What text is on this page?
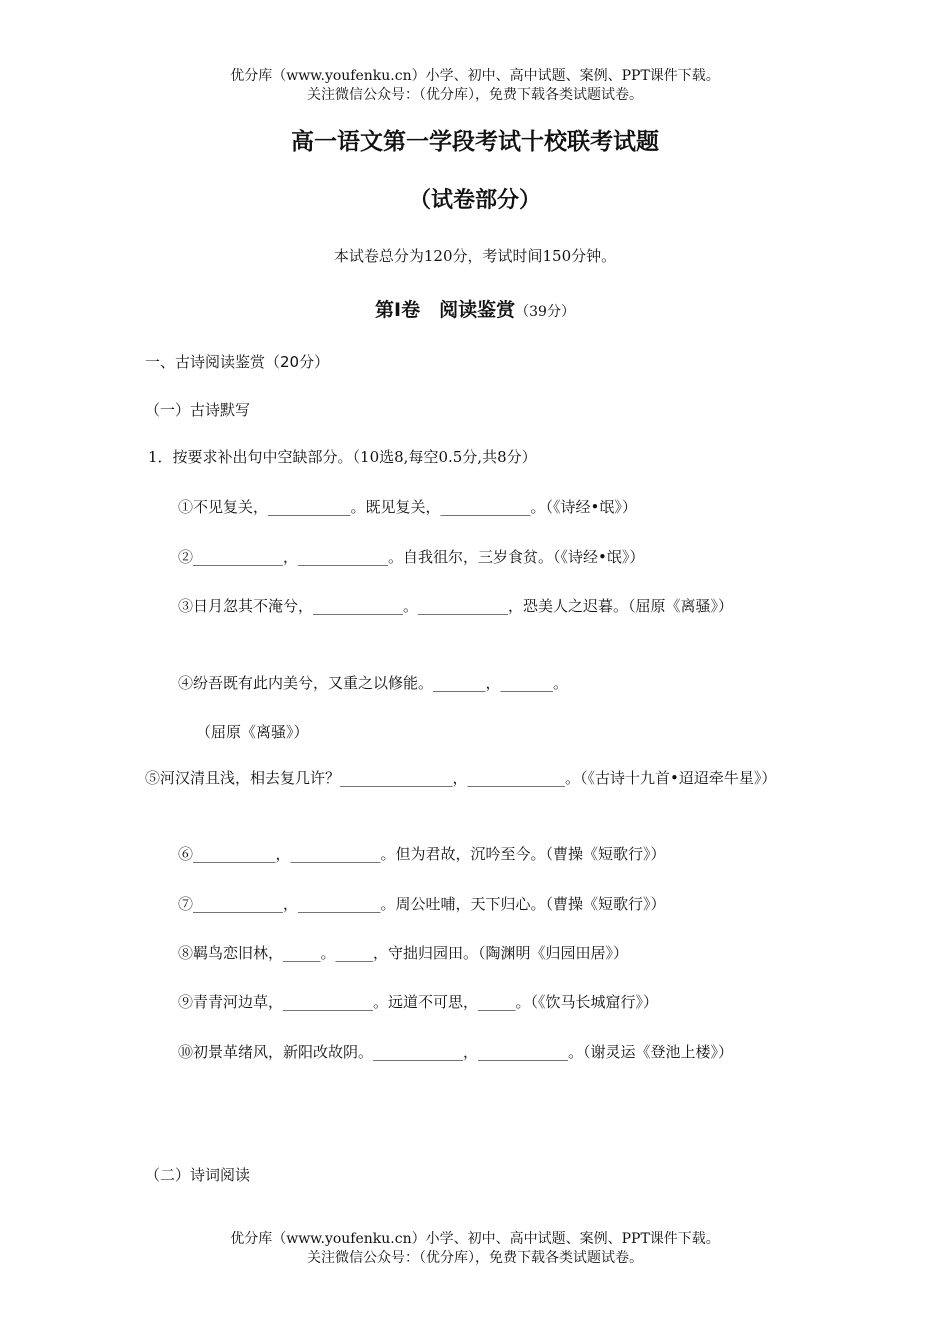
优分库（www.youfenku.cn）小学、初中、高中试题、案例、PPT课件下载。
关注微信公众号：（优分库），免费下载各类试题试卷。
高一语文第一学段考试十校联考试题
（试卷部分）
本试卷总分为120分，考试时间150分钟。
第Ⅰ卷　阅读鉴赏（39分）
一、古诗阅读鉴赏（20分）
（一）古诗默写
1．按要求补出句中空缺部分。（10选8,每空0.5分,共8分）
①不见复关，___________。既见复关，____________。（《诗经•氓》）
②____________，____________。自我徂尔，三岁食贫。（《诗经•氓》）
③日月忽其不淹兮，____________。____________，恐美人之迟暮。（屈原《离骚》）
④纷吾既有此内美兮，又重之以修能。_______，_______。
（屈原《离骚》）
⑤河汉清且浅，相去复几许？_______________，_____________。（《古诗十九首•迢迢牵牛星》）
⑥___________，____________。但为君故，沉吟至今。（曹操《短歌行》）
⑦____________，___________。周公吐哺，天下归心。（曹操《短歌行》）
⑧羁鸟恋旧林，_____。_____，守拙归园田。（陶渊明《归园田居》）
⑨青青河边草，____________。远道不可思，_____。（《饮马长城窟行》）
⑩初景革绪风，新阳改故阴。____________，____________。（谢灵运《登池上楼》）
（二）诗词阅读
优分库（www.youfenku.cn）小学、初中、高中试题、案例、PPT课件下载。
关注微信公众号：（优分库），免费下载各类试题试卷。
